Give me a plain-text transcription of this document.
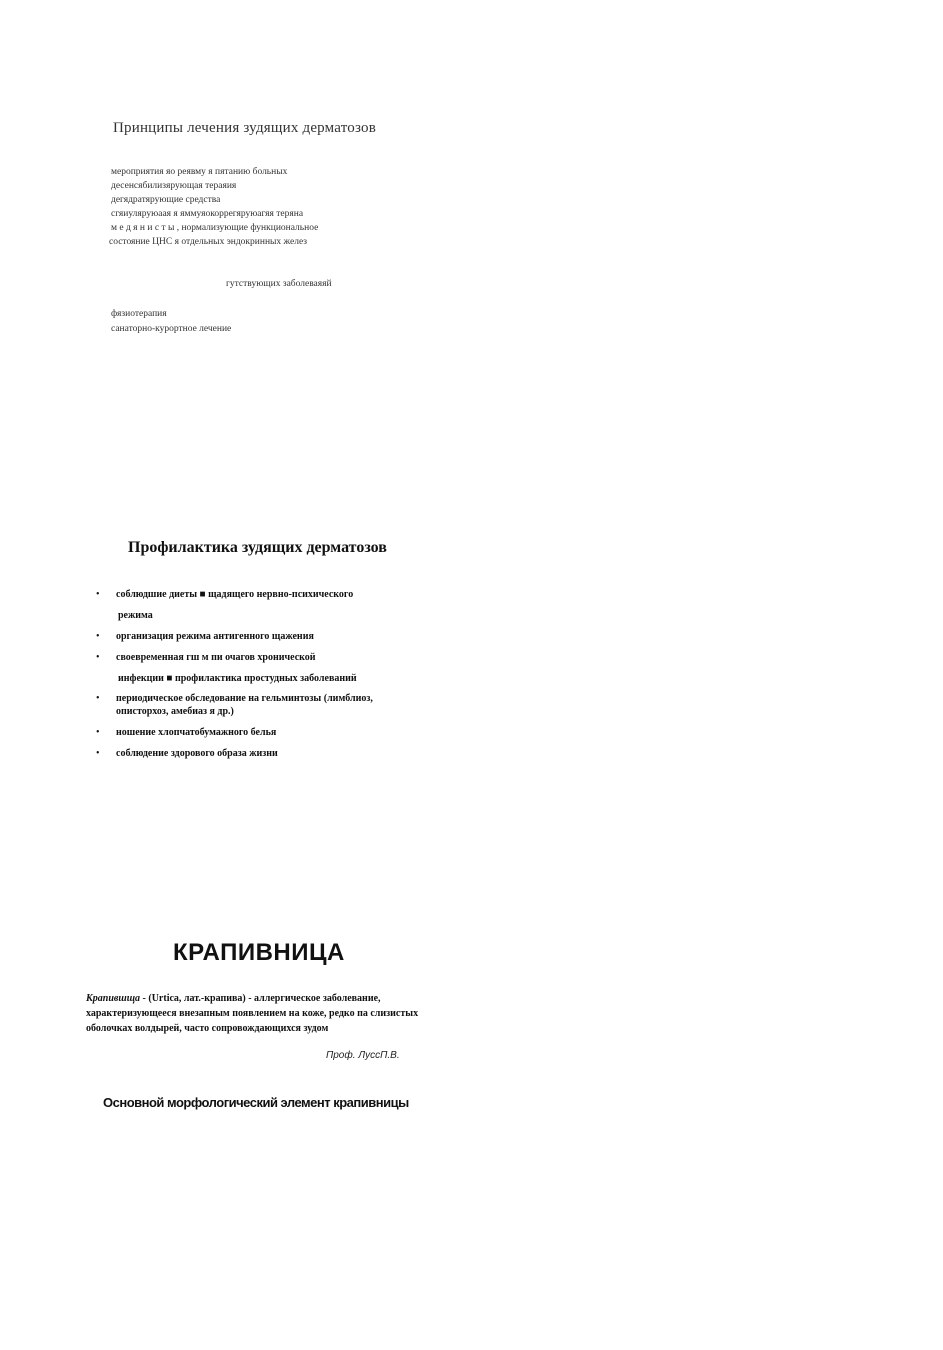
Принципы лечения зудящих дерматозов
мероприятия яо реявму я пятанию больных
десенсябилизярующая тераяия
дегядратярующие средства
сгяиуляруюаая я яммуяокоррегяруюагяя теряна
м е д я н и с т ы , нормализующие функциональное
состояние ЦНС я отдельных эндокринных желез
гутствующих заболеваяяй
фязиотерапия
санаторно-курортное лечение
Профилактика зудящих дерматозов
• соблюдшие диеты ■ щадящего нервно-психического
режима
• организация режима антигенного щажения
• своевременная гш м пи очагов хронической
инфекции ■ профилактика простудных заболеваний
• периодическое обследование на гельминтозы (лимблиоз,
описторхоз, амебиаз я др.)
• ношение хлопчатобумажного белья
• соблюдение здорового образа жизни
КРАПИВНИЦА
Крапившща - (Urtica, лат.-крапива) - аллергическое заболевание, характеризующееся внезапным появлением на коже, редко па слизистых оболочках волдырей, часто сопровождающихся зудом
Проф. ЛуссП.В.
Основной морфологический элемент крапивницы
